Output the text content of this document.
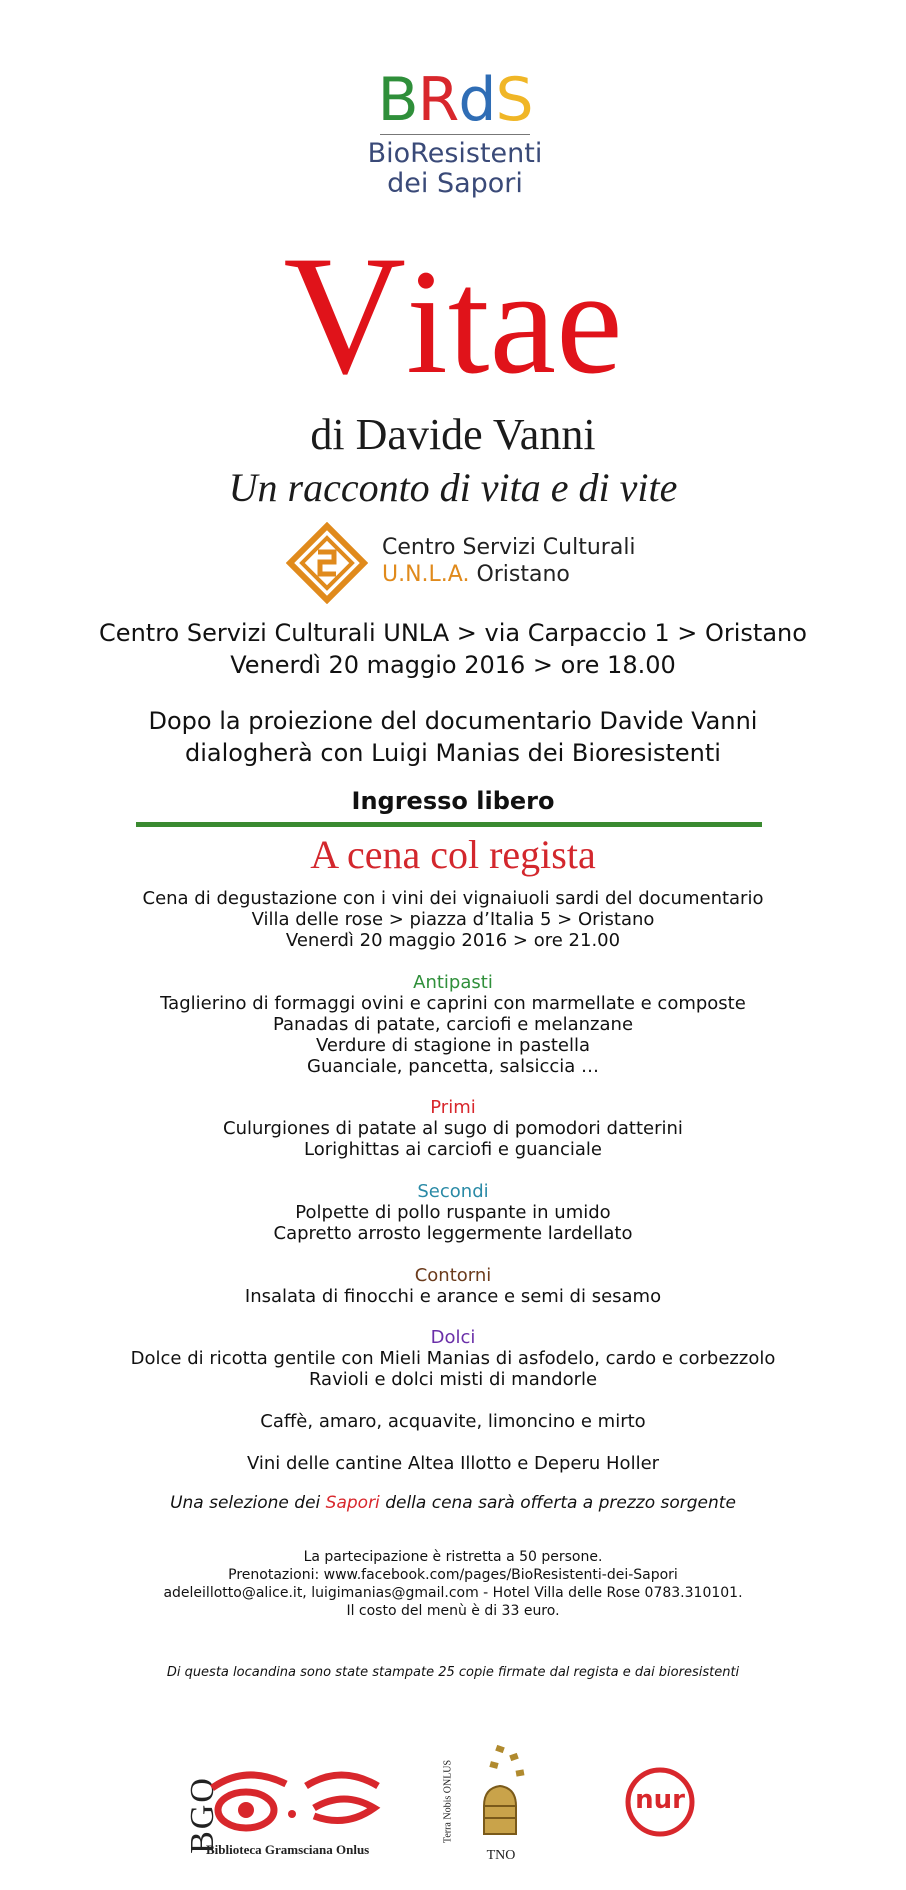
BRdS
BioResistenti
dei Sapori
Vitae
di Davide Vanni
Un racconto di vita e di vite
Centro Servizi Culturali
U.N.L.A. Oristano
Centro Servizi Culturali UNLA > via Carpaccio 1 > Oristano
Venerdì 20 maggio 2016 > ore 18.00
Dopo la proiezione del documentario Davide Vanni
dialogherà con Luigi Manias dei Bioresistenti
Ingresso libero
A cena col regista
Cena di degustazione con i vini dei vignaiuoli sardi del documentario
Villa delle rose > piazza d’Italia 5 > Oristano
Venerdì 20 maggio 2016 > ore 21.00
Antipasti
Taglierino di formaggi ovini e caprini con marmellate e composte
Panadas di patate, carciofi e melanzane
Verdure di stagione in pastella
Guanciale, pancetta, salsiccia …
Primi
Culurgiones di patate al sugo di pomodori datterini
Lorighittas ai carciofi e guanciale
Secondi
Polpette di pollo ruspante in umido
Capretto arrosto leggermente lardellato
Contorni
Insalata di finocchi e arance e semi di sesamo
Dolci
Dolce di ricotta gentile con Mieli Manias di asfodelo, cardo e corbezzolo
Ravioli e dolci misti di mandorle
Caffè, amaro, acquavite, limoncino e mirto
Vini delle cantine Altea Illotto e Deperu Holler
Una selezione dei Sapori della cena sarà offerta a prezzo sorgente
La partecipazione è ristretta a 50 persone.
Prenotazioni: www.facebook.com/pages/BioResistenti-dei-Sapori
adeleillotto@alice.it, luigimanias@gmail.com - Hotel Villa delle Rose 0783.310101.
Il costo del menù è di 33 euro.
Di questa locandina sono state stampate 25 copie firmate dal regista e dai bioresistenti
BGO
Biblioteca Gramsciana Onlus
Terra Nobis ONLUS
TNO
nur
